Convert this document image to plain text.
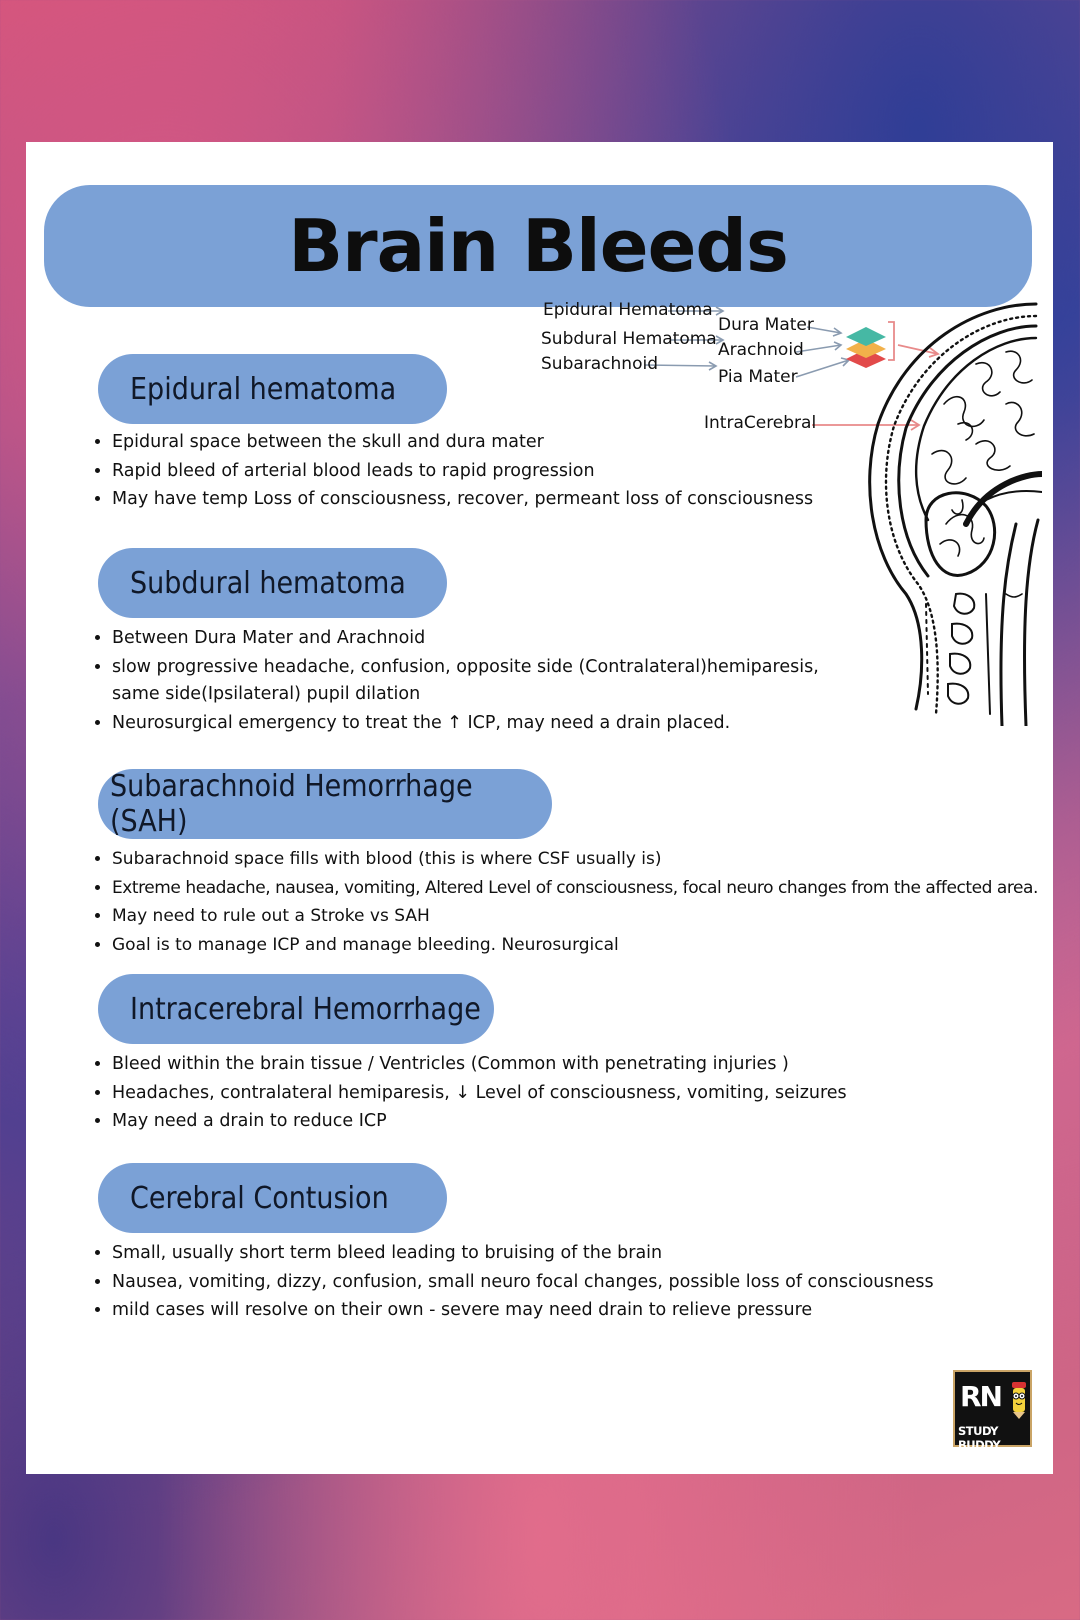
Brain Bleeds
Epidural Hematoma
Subdural Hematoma
Subarachnoid
Dura Mater
Arachnoid
Pia Mater
IntraCerebral
Epidural hematoma
• Epidural space between the skull and dura mater
• Rapid bleed of arterial blood leads to rapid progression
• May have temp Loss of consciousness, recover, permeant loss of consciousness
Subdural hematoma
• Between Dura Mater and Arachnoid
• slow progressive headache, confusion, opposite side (Contralateral)hemiparesis, same side(Ipsilateral) pupil dilation
• Neurosurgical emergency to treat the ↑ ICP, may need a drain placed.
Subarachnoid Hemorrhage (SAH)
• Subarachnoid space fills with blood (this is where CSF usually is)
• Extreme headache, nausea, vomiting, Altered Level of consciousness, focal neuro changes from the affected area.
• May need to rule out a Stroke vs SAH
• Goal is to manage ICP and manage bleeding. Neurosurgical
Intracerebral Hemorrhage
• Bleed within the brain tissue / Ventricles (Common with penetrating injuries )
• Headaches, contralateral hemiparesis, ↓ Level of consciousness, vomiting, seizures
• May need a drain to reduce ICP
Cerebral Contusion
• Small, usually short term bleed leading to bruising of the brain
• Nausea, vomiting, dizzy, confusion, small neuro focal changes, possible loss of consciousness
• mild cases will resolve on their own - severe may need drain to relieve pressure
RN
STUDY BUDDY
